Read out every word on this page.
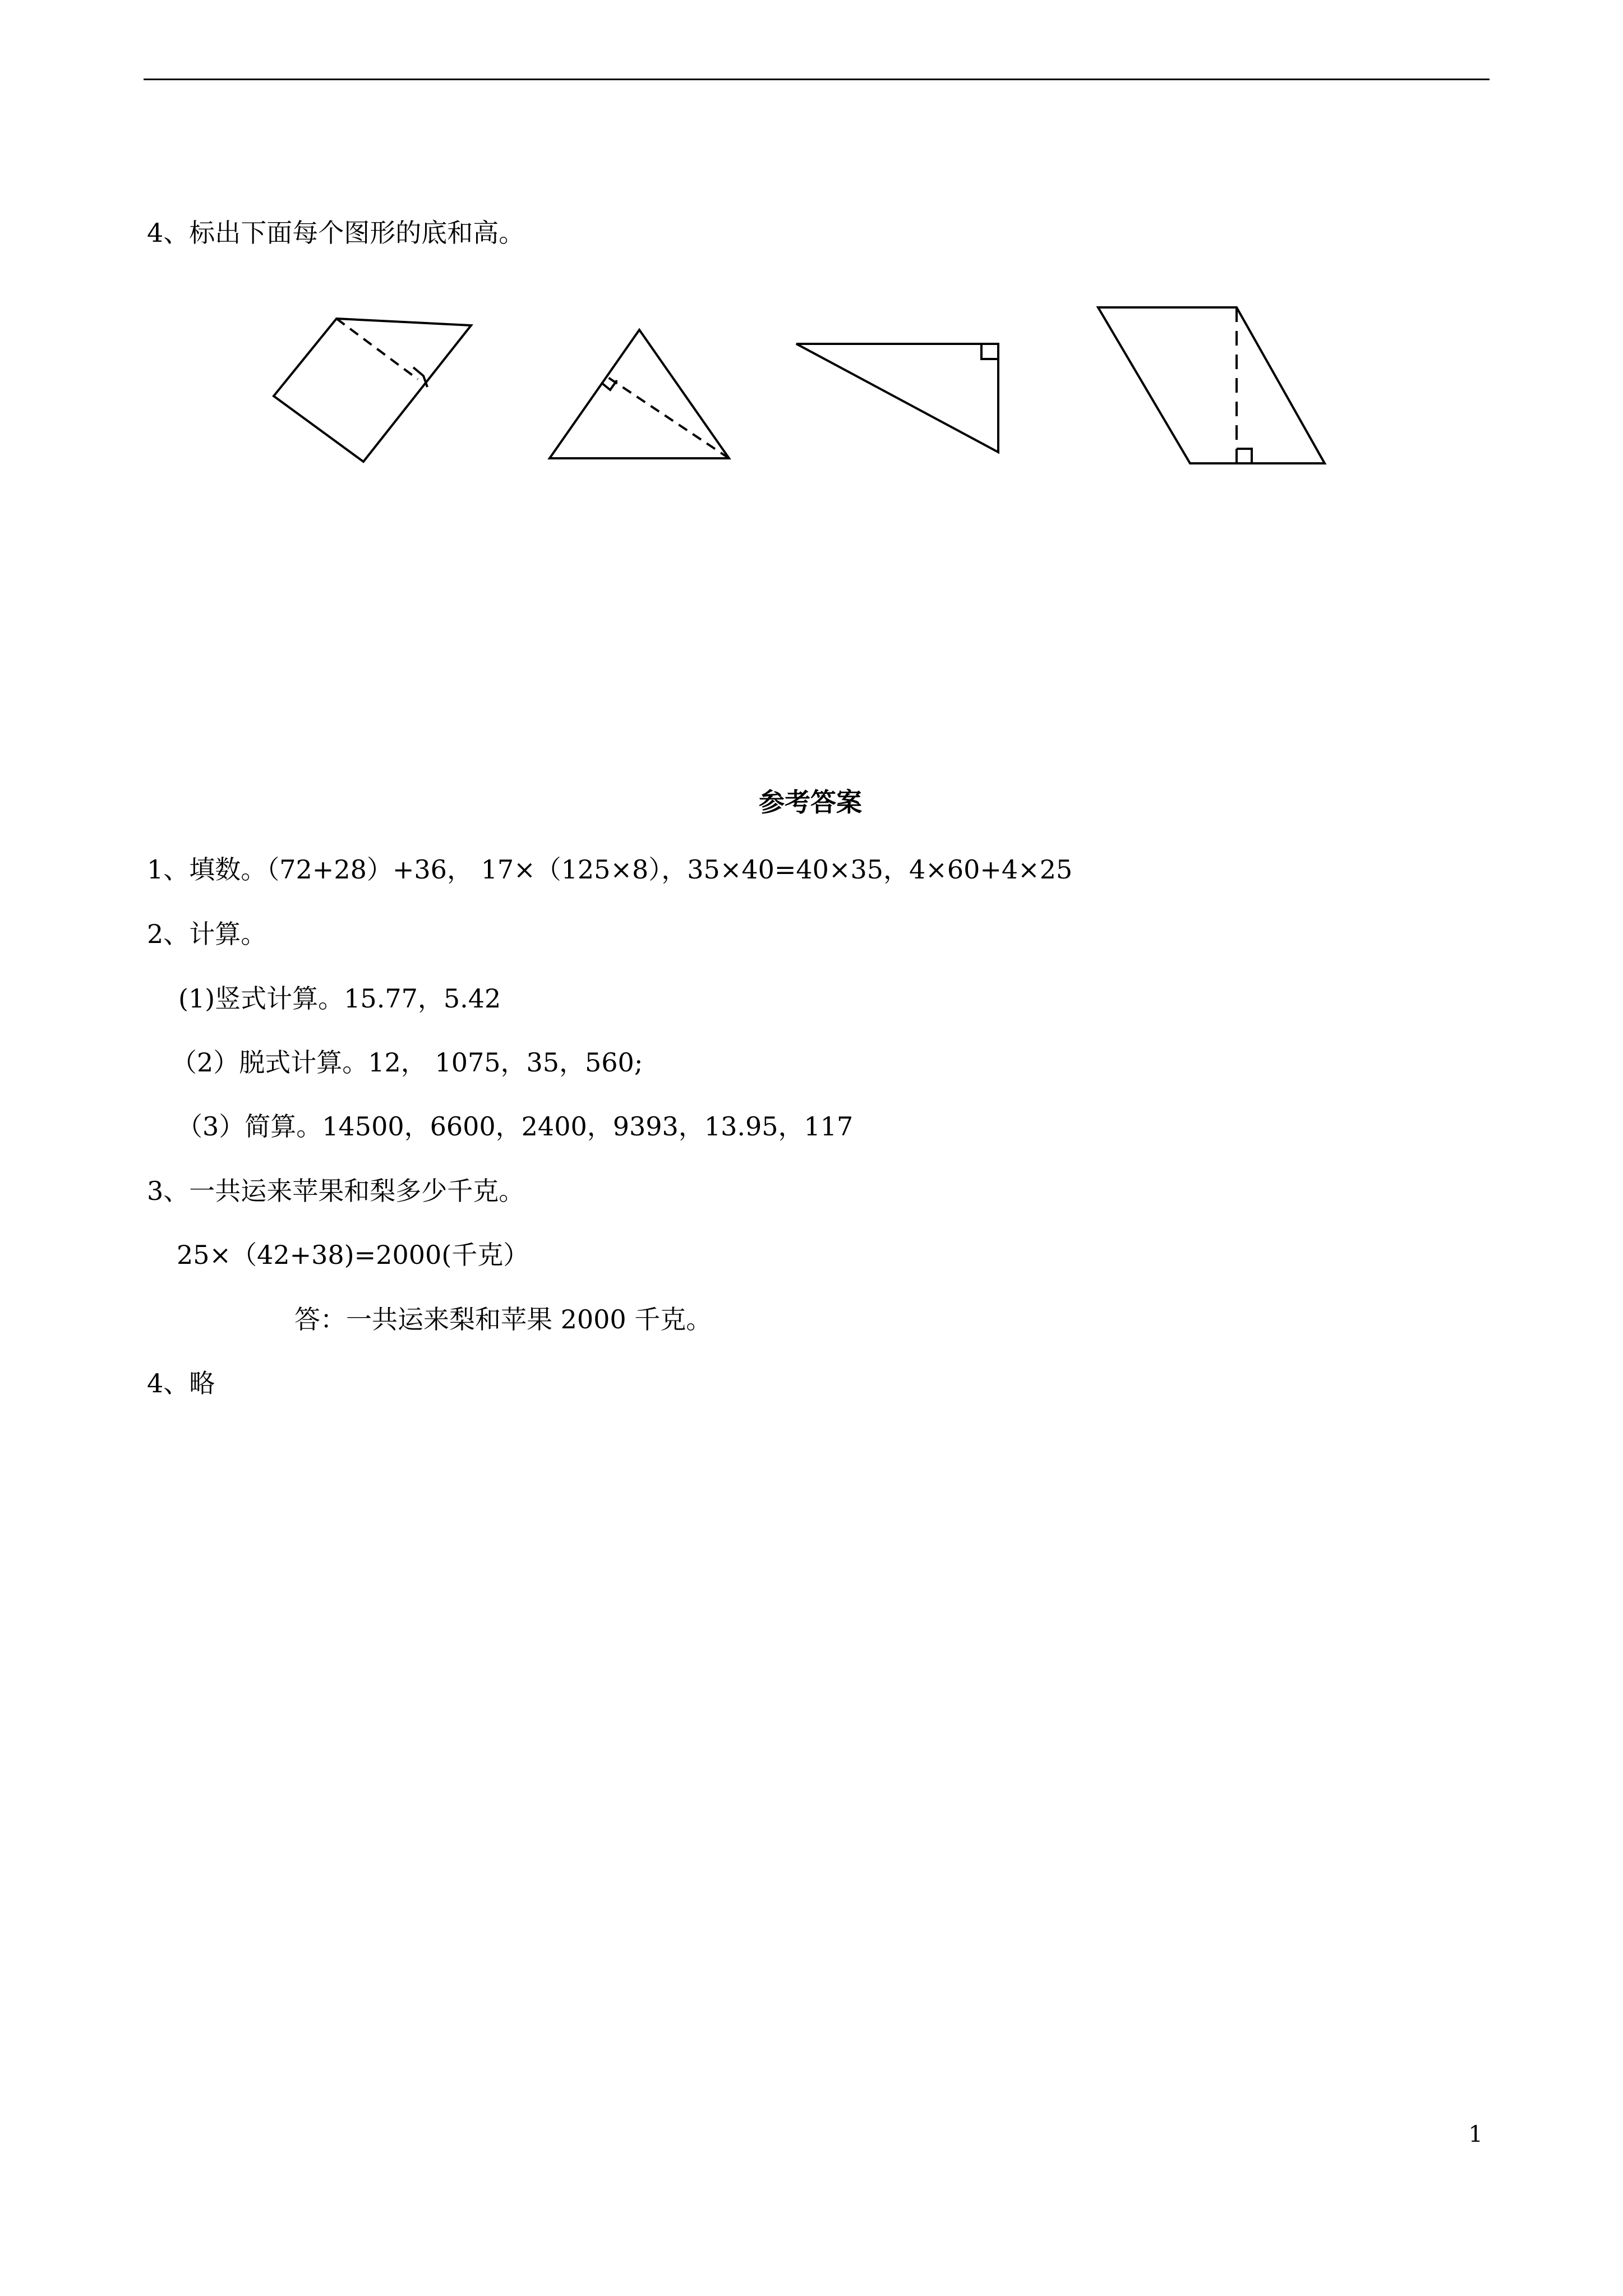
4、标出下面每个图形的底和高。
参考答案
1、填数。（72+28）+36， 17×（125×8），35×40=40×35，4×60+4×25
2、计算。
(1)竖式计算。15.77，5.42
（2）脱式计算。12， 1075，35，560;
（3）简算。14500，6600，2400，9393，13.95，117
3、一共运来苹果和梨多少千克。
25×（42+38)=2000(千克）
答：一共运来梨和苹果 2000 千克。
4、略
1
